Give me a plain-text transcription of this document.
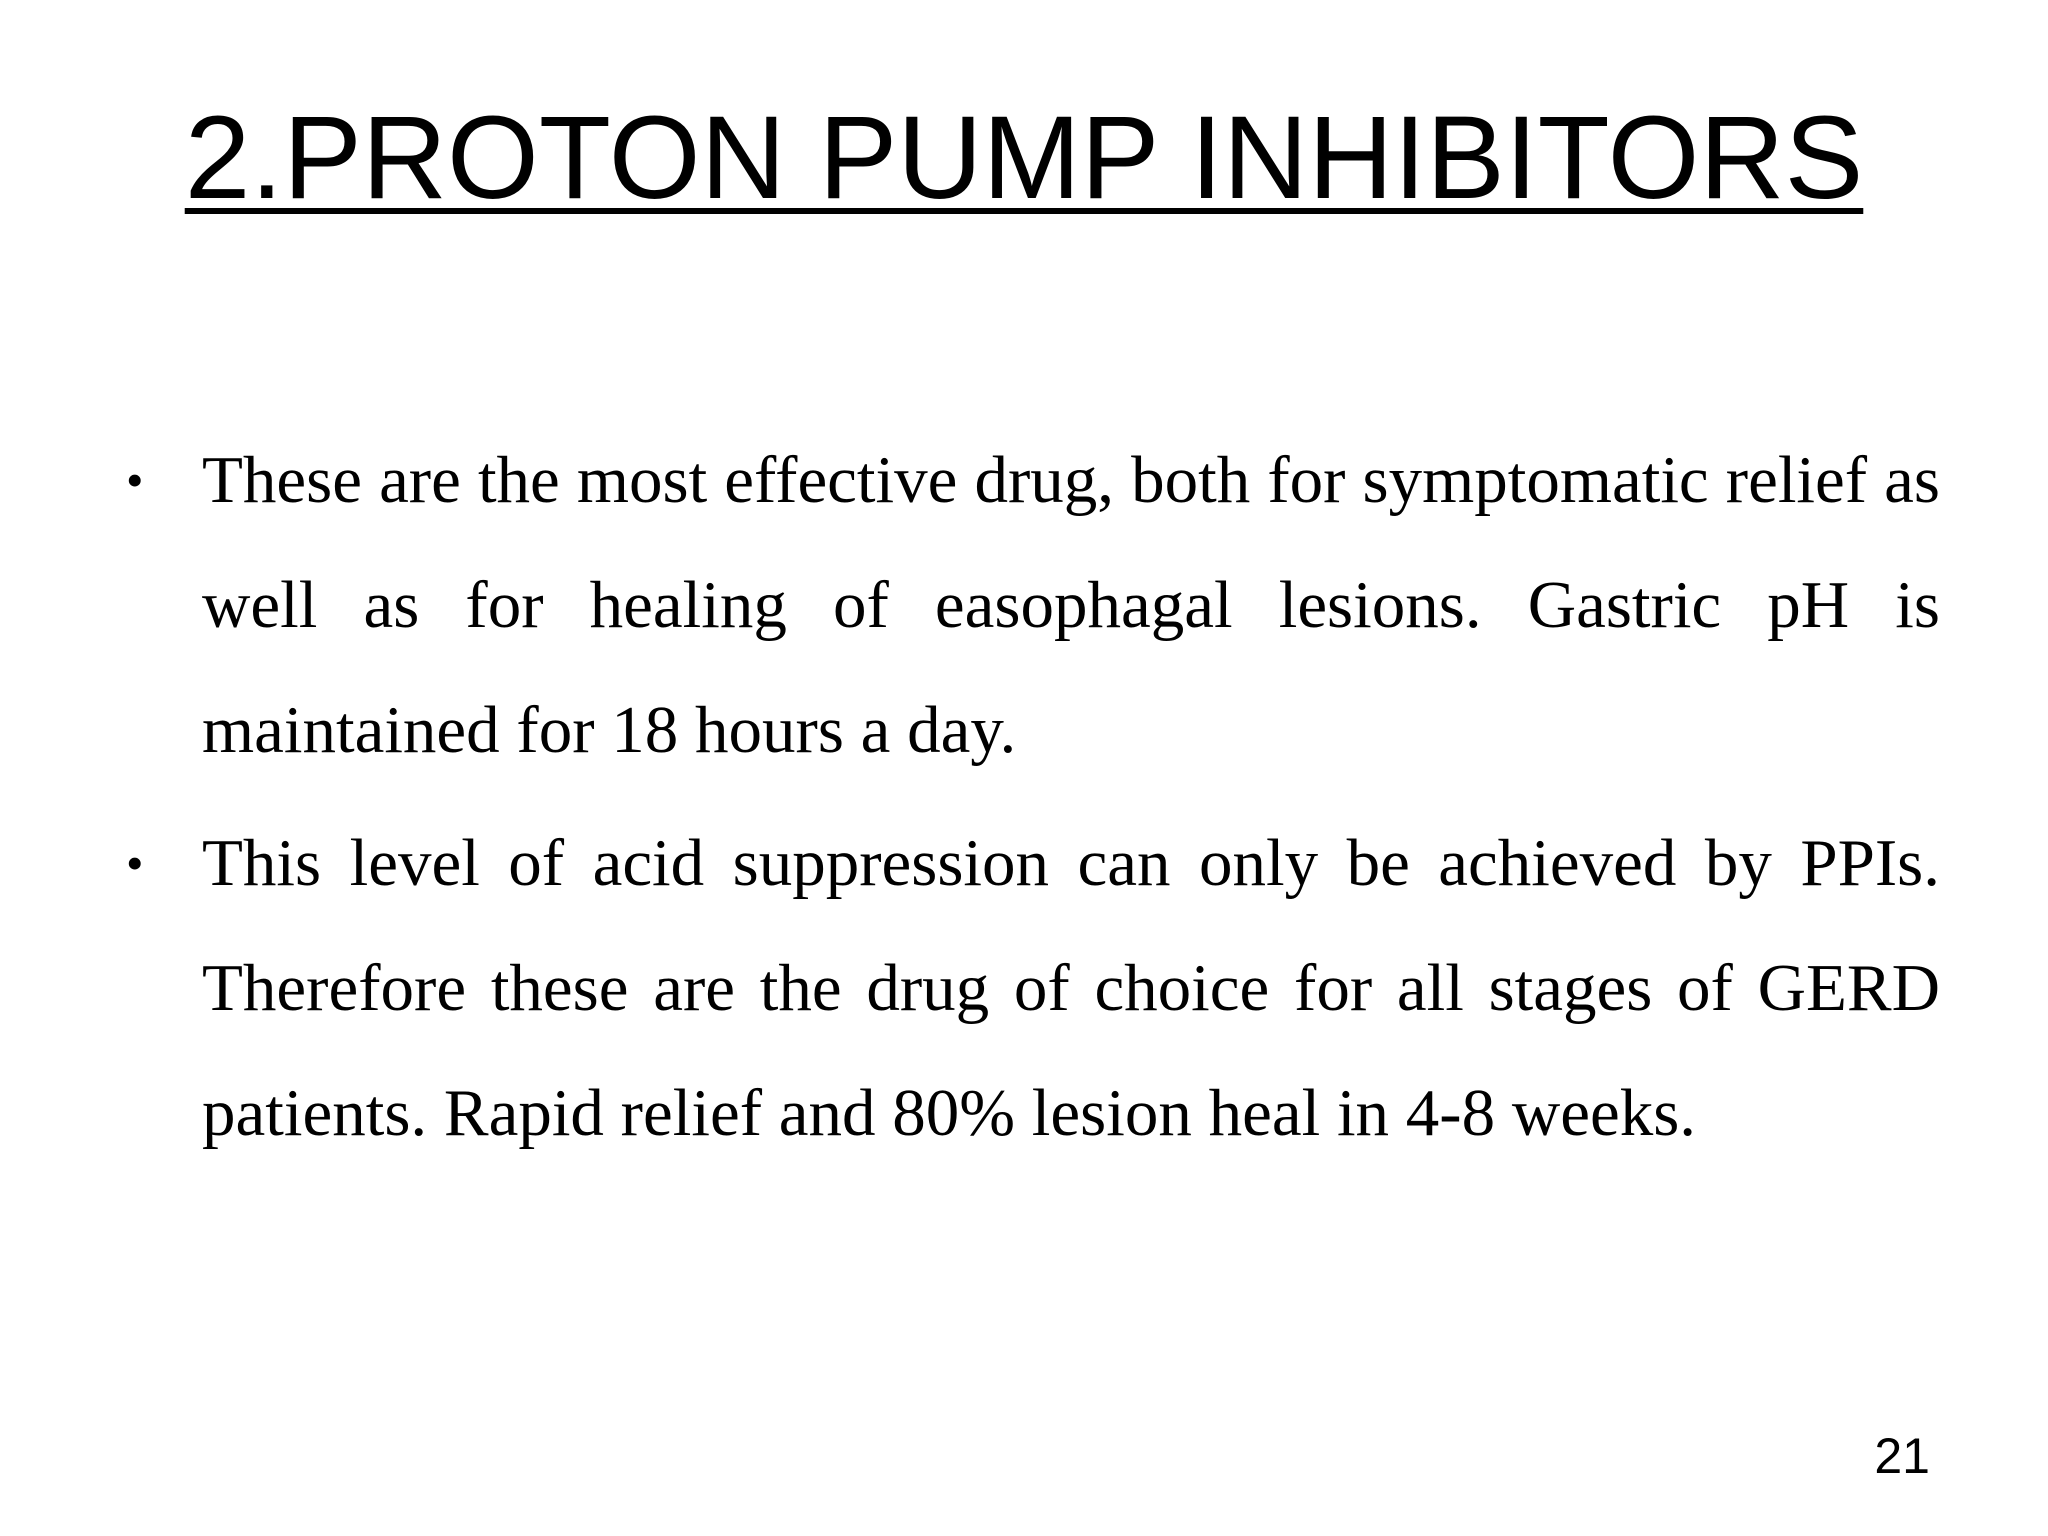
2.PROTON PUMP INHIBITORS
• These are the most effective drug, both for symptomatic relief as well as for healing of easophagal lesions. Gastric pH is maintained for 18 hours a day.
• This level of acid suppression can only be achieved by PPIs. Therefore these are the drug of choice for all stages of GERD patients. Rapid relief and 80% lesion heal in 4-8 weeks.
21
